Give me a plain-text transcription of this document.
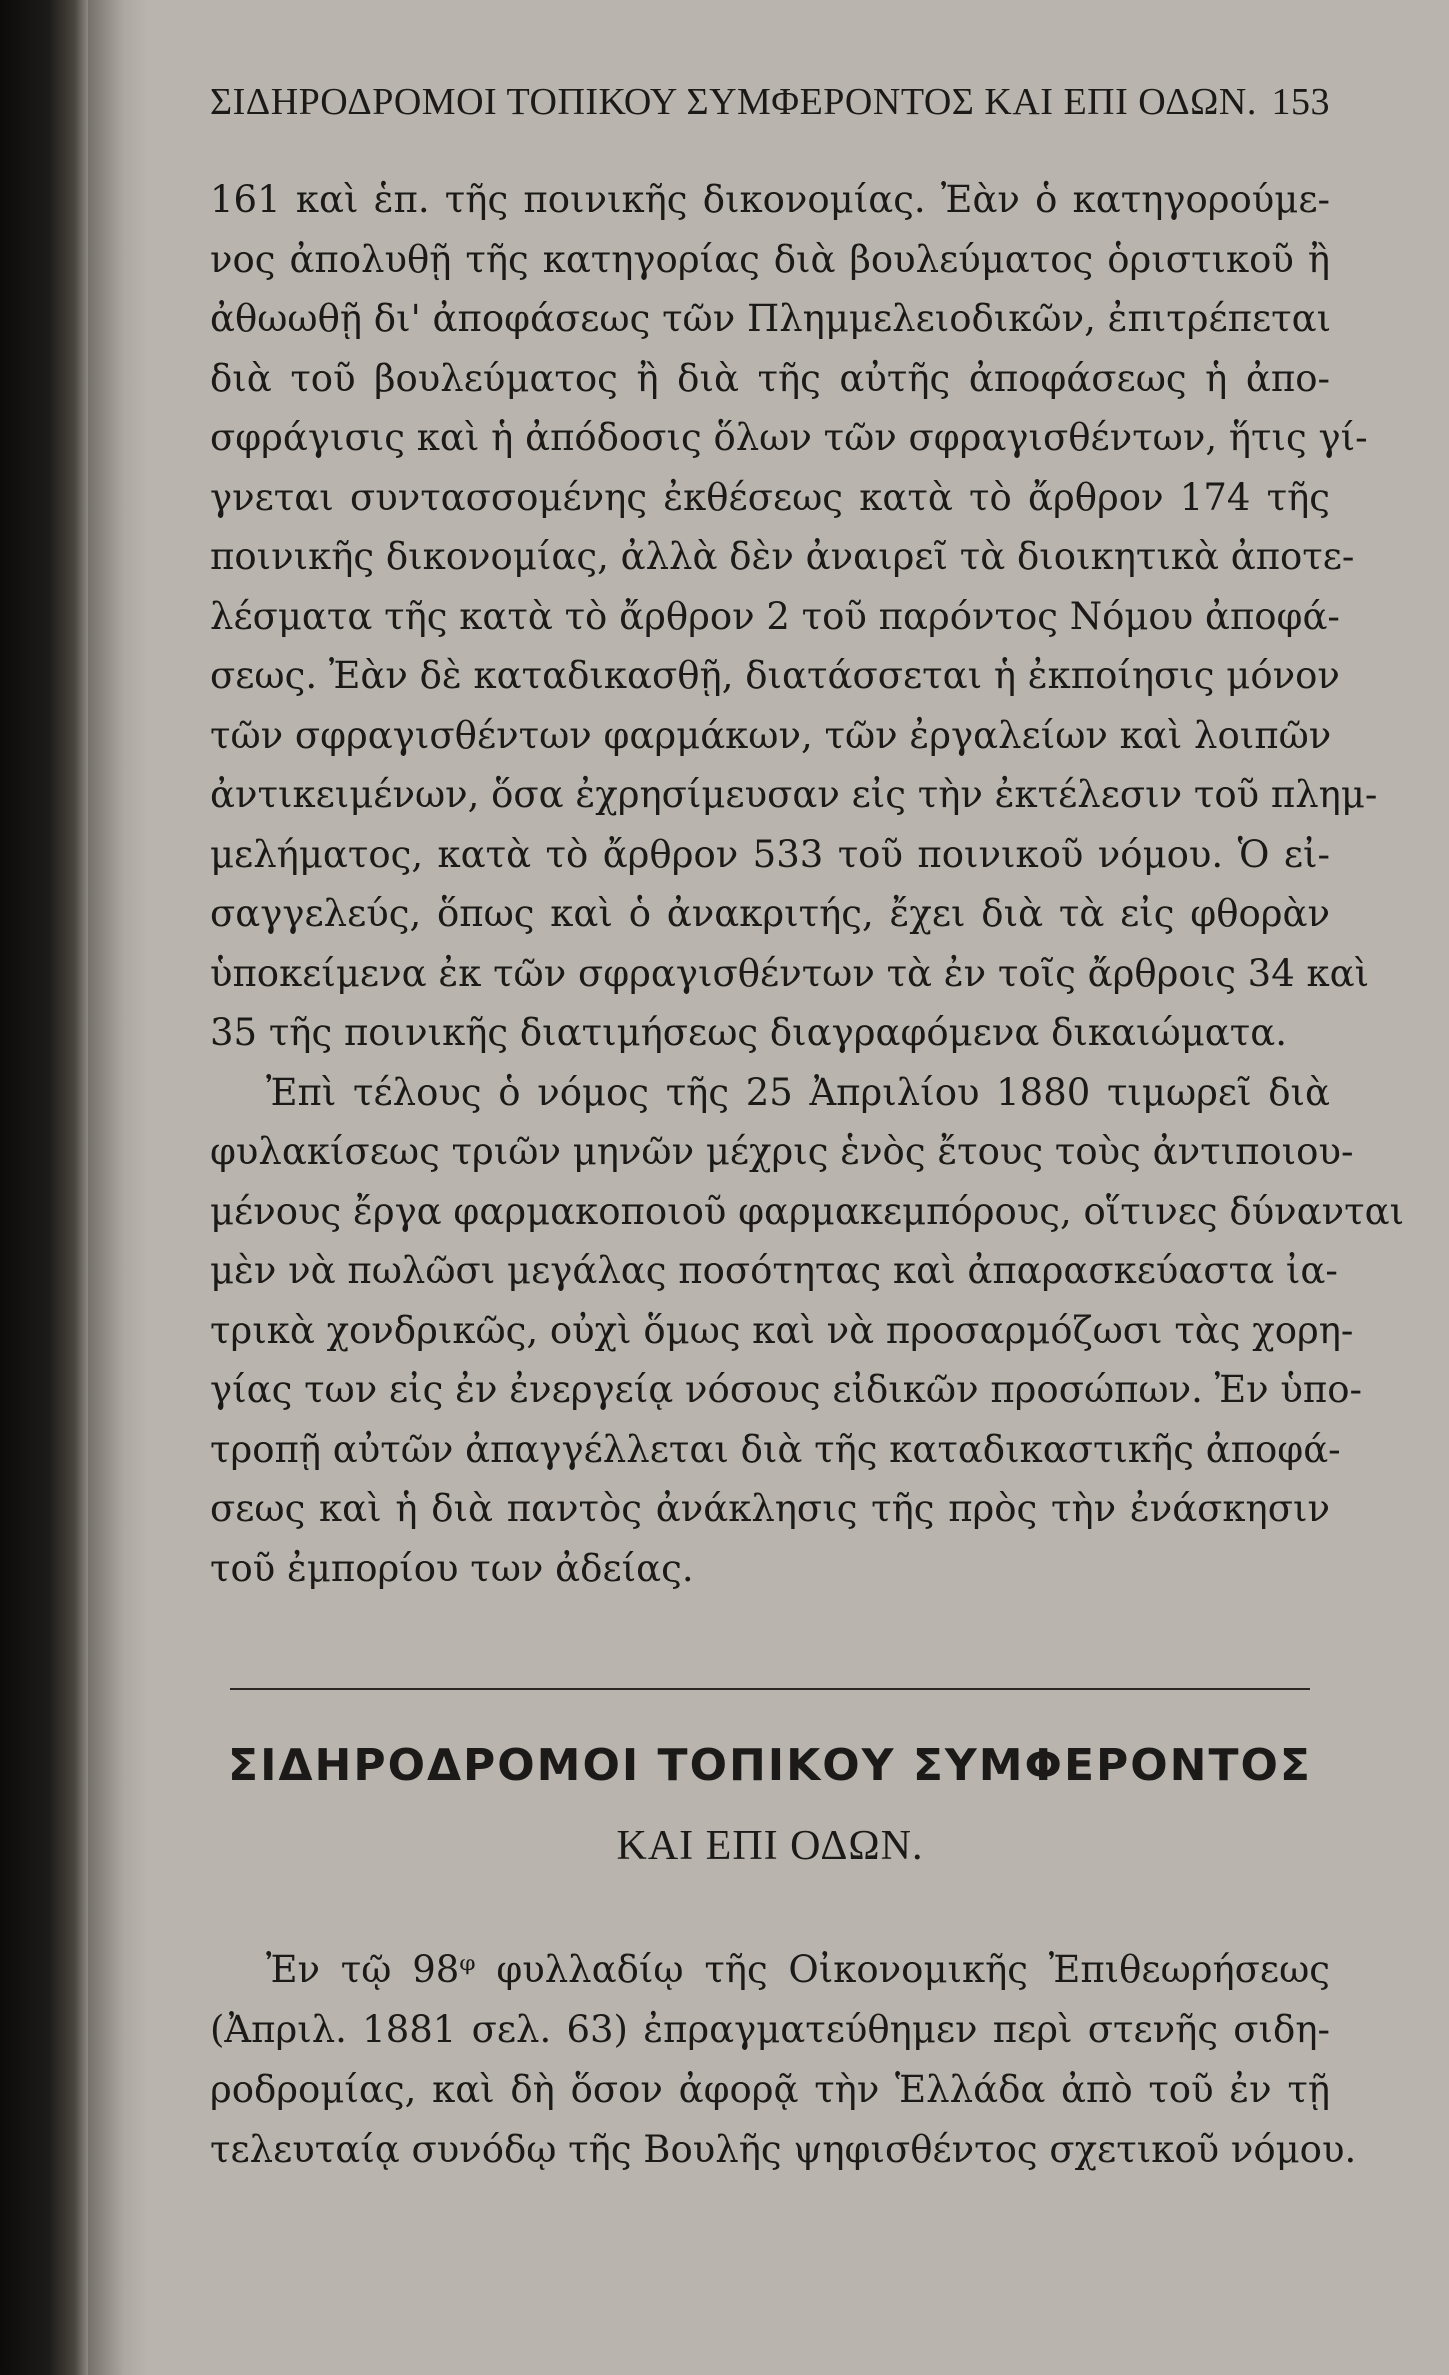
ΣΙΔΗΡΟΔΡΟΜΟΙ ΤΟΠΙΚΟΥ ΣΥΜΦΕΡΟΝΤΟΣ ΚΑΙ ΕΠΙ ΟΔΩΝ. 153
161 καὶ ἑπ. τῆς ποινικῆς δικονομίας. Ἐὰν ὁ κατηγορούμε-
νος ἀπολυθῇ τῆς κατηγορίας διὰ βουλεύματος ὁριστικοῦ ἢ
ἀθωωθῇ δι' ἀποφάσεως τῶν Πλημμελειοδικῶν, ἐπιτρέπεται
διὰ τοῦ βουλεύματος ἢ διὰ τῆς αὐτῆς ἀποφάσεως ἡ ἀπο-
σφράγισις καὶ ἡ ἀπόδοσις ὅλων τῶν σφραγισθέντων, ἥτις γί-
γνεται συντασσομένης ἐκθέσεως κατὰ τὸ ἄρθρον 174 τῆς
ποινικῆς δικονομίας, ἀλλὰ δὲν ἀναιρεῖ τὰ διοικητικὰ ἀποτε-
λέσματα τῆς κατὰ τὸ ἄρθρον 2 τοῦ παρόντος Νόμου ἀποφά-
σεως. Ἐὰν δὲ καταδικασθῇ, διατάσσεται ἡ ἐκποίησις μόνον
τῶν σφραγισθέντων φαρμάκων, τῶν ἐργαλείων καὶ λοιπῶν
ἀντικειμένων, ὅσα ἐχρησίμευσαν εἰς τὴν ἐκτέλεσιν τοῦ πλημ-
μελήματος, κατὰ τὸ ἄρθρον 533 τοῦ ποινικοῦ νόμου. Ὁ εἰ-
σαγγελεύς, ὅπως καὶ ὁ ἀνακριτής, ἔχει διὰ τὰ εἰς φθορὰν
ὑποκείμενα ἐκ τῶν σφραγισθέντων τὰ ἐν τοῖς ἄρθροις 34 καὶ
35 τῆς ποινικῆς διατιμήσεως διαγραφόμενα δικαιώματα.
Ἐπὶ τέλους ὁ νόμος τῆς 25 Ἀπριλίου 1880 τιμωρεῖ διὰ
φυλακίσεως τριῶν μηνῶν μέχρις ἑνὸς ἔτους τοὺς ἀντιποιου-
μένους ἔργα φαρμακοποιοῦ φαρμακεμπόρους, οἵτινες δύνανται
μὲν νὰ πωλῶσι μεγάλας ποσότητας καὶ ἀπαρασκεύαστα ἰα-
τρικὰ χονδρικῶς, οὐχὶ ὅμως καὶ νὰ προσαρμόζωσι τὰς χορη-
γίας των εἰς ἐν ἐνεργείᾳ νόσους εἰδικῶν προσώπων. Ἐν ὑπο-
τροπῇ αὐτῶν ἀπαγγέλλεται διὰ τῆς καταδικαστικῆς ἀποφά-
σεως καὶ ἡ διὰ παντὸς ἀνάκλησις τῆς πρὸς τὴν ἐνάσκησιν
τοῦ ἐμπορίου των ἀδείας.
ΣΙΔΗΡΟΔΡΟΜΟΙ ΤΟΠΙΚΟΥ ΣΥΜΦΕΡΟΝΤΟΣ
ΚΑΙ ΕΠΙ ΟΔΩΝ.
Ἐν τῷ 98ᵠ φυλλαδίῳ τῆς Οἰκονομικῆς Ἐπιθεωρήσεως
(Ἀπριλ. 1881 σελ. 63) ἐπραγματεύθημεν περὶ στενῆς σιδη-
ροδρομίας, καὶ δὴ ὅσον ἀφορᾷ τὴν Ἑλλάδα ἀπὸ τοῦ ἐν τῇ
τελευταίᾳ συνόδῳ τῆς Βουλῆς ψηφισθέντος σχετικοῦ νόμου.
